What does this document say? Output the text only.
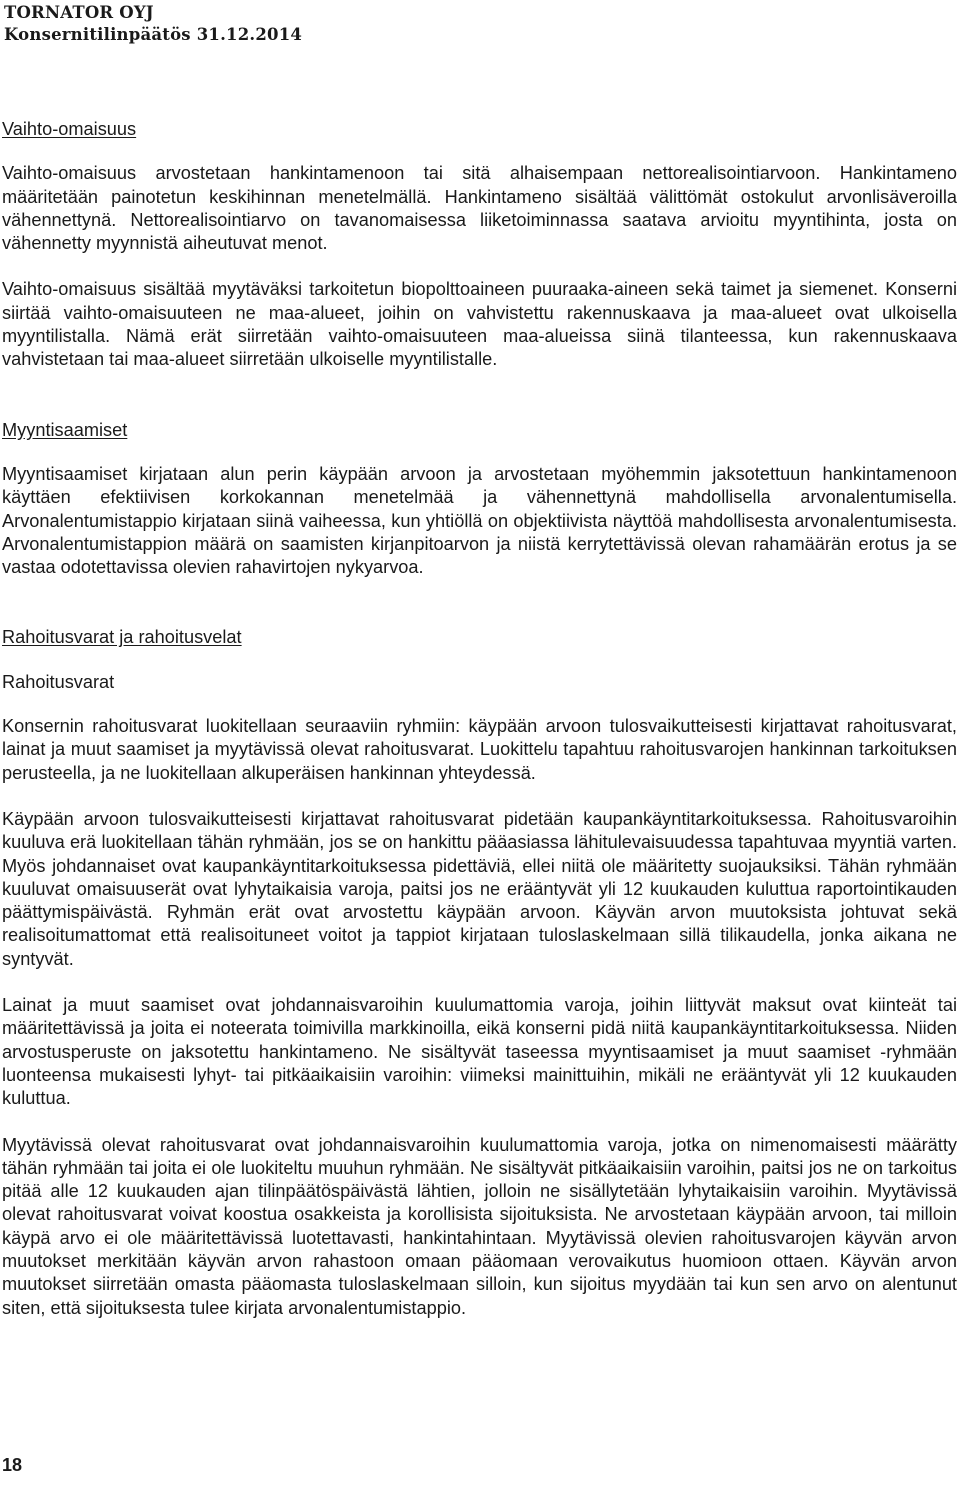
TORNATOR OYJ
Konsernitilinpäätös 31.12.2014
Vaihto-omaisuus

Vaihto-omaisuus arvostetaan hankintamenoon tai sitä alhaisempaan nettorealisointiarvoon. Hankintameno määritetään painotetun keskihinnan menetelmällä. Hankintameno sisältää välittömät ostokulut arvonlisäveroilla vähennettynä. Nettorealisointiarvo on tavanomaisessa liiketoiminnassa saatava arvioitu myyntihinta, josta on vähennetty myynnistä aiheutuvat menot.

Vaihto-omaisuus sisältää myytäväksi tarkoitetun biopolttoaineen puuraaka-aineen sekä taimet ja siemenet. Konserni siirtää vaihto-omaisuuteen ne maa-alueet, joihin on vahvistettu rakennuskaava ja maa-alueet ovat ulkoisella myyntilistalla. Nämä erät siirretään vaihto-omaisuuteen maa-alueissa siinä tilanteessa, kun rakennuskaava vahvistetaan tai maa-alueet siirretään ulkoiselle myyntilistalle.

Myyntisaamiset

Myyntisaamiset kirjataan alun perin käypään arvoon ja arvostetaan myöhemmin jaksotettuun hankintamenoon käyttäen efektiivisen korkokannan menetelmää ja vähennettynä mahdollisella arvonalentumisella. Arvonalentumistappio kirjataan siinä vaiheessa, kun yhtiöllä on objektiivista näyttöä mahdollisesta arvonalentumisesta. Arvonalentumistappion määrä on saamisten kirjanpitoarvon ja niistä kerrytettävissä olevan rahamäärän erotus ja se vastaa odotettavissa olevien rahavirtojen nykyarvoa.

Rahoitusvarat ja rahoitusvelat
Rahoitusvarat

Konsernin rahoitusvarat luokitellaan seuraaviin ryhmiin: käypään arvoon tulosvaikutteisesti kirjattavat rahoitusvarat, lainat ja muut saamiset ja myytävissä olevat rahoitusvarat. Luokittelu tapahtuu rahoitusvarojen hankinnan tarkoituksen perusteella, ja ne luokitellaan alkuperäisen hankinnan yhteydessä.

Käypään arvoon tulosvaikutteisesti kirjattavat rahoitusvarat pidetään kaupankäyntitarkoituksessa. Rahoitusvaroihin kuuluva erä luokitellaan tähän ryhmään, jos se on hankittu pääasiassa lähitulevaisuudessa tapahtuvaa myyntiä varten. Myös johdannaiset ovat kaupankäyntitarkoituksessa pidettäviä, ellei niitä ole määritetty suojauksiksi. Tähän ryhmään kuuluvat omaisuuserät ovat lyhytaikaisia varoja, paitsi jos ne erääntyvät yli 12 kuukauden kuluttua raportointikauden päättymispäivästä. Ryhmän erät ovat arvostettu käypään arvoon. Käyvän arvon muutoksista johtuvat sekä realisoitumattomat että realisoituneet voitot ja tappiot kirjataan tuloslaskelmaan sillä tilikaudella, jonka aikana ne syntyvät.

Lainat ja muut saamiset ovat johdannaisvaroihin kuulumattomia varoja, joihin liittyvät maksut ovat kiinteät tai määritettävissä ja joita ei noteerata toimivilla markkinoilla, eikä konserni pidä niitä kaupankäyntitarkoituksessa. Niiden arvostusperuste on jaksotettu hankintameno. Ne sisältyvät taseessa myyntisaamiset ja muut saamiset -ryhmään luonteensa mukaisesti lyhyt- tai pitkäaikaisiin varoihin: viimeksi mainittuihin, mikäli ne erääntyvät yli 12 kuukauden kuluttua.

Myytävissä olevat rahoitusvarat ovat johdannaisvaroihin kuulumattomia varoja, jotka on nimenomaisesti määrätty tähän ryhmään tai joita ei ole luokiteltu muuhun ryhmään. Ne sisältyvät pitkäaikaisiin varoihin, paitsi jos ne on tarkoitus pitää alle 12 kuukauden ajan tilinpäätöspäivästä lähtien, jolloin ne sisällytetään lyhytaikaisiin varoihin. Myytävissä olevat rahoitusvarat voivat koostua osakkeista ja korollisista sijoituksista. Ne arvostetaan käypään arvoon, tai milloin käypä arvo ei ole määritettävissä luotettavasti, hankintahintaan. Myytävissä olevien rahoitusvarojen käyvän arvon muutokset merkitään käyvän arvon rahastoon omaan pääomaan verovaikutus huomioon ottaen. Käyvän arvon muutokset siirretään omasta pääomasta tuloslaskelmaan silloin, kun sijoitus myydään tai kun sen arvo on alentunut siten, että sijoituksesta tulee kirjata arvonalentumistappio.

18
